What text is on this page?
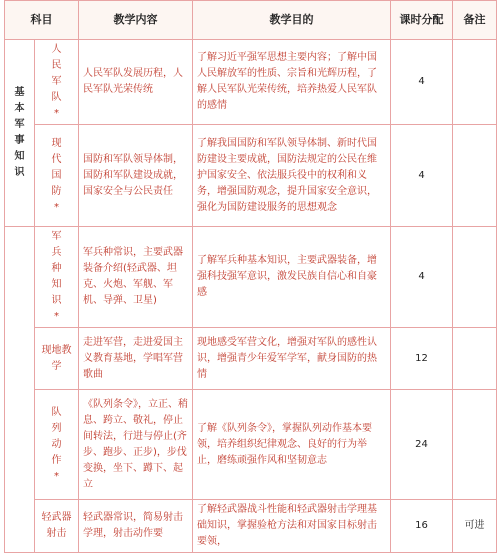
科目		教学内容	教学目的	课时分配	备注
基本军事知识	人民军队*	人民军队发展历程，人民军队光荣传统	了解习近平强军思想主要内容；了解中国人民解放军的性质、宗旨和光辉历程，了解人民军队光荣传统，培养热爱人民军队的感情	4	
	现代国防*	国防和军队领导体制，国防和军队建设成就，国家安全与公民责任	了解我国国防和军队领导体制、新时代国防建设主要成就，国防法规定的公民在维护国家安全、依法服兵役中的权利和义务，增强国防观念，提升国家安全意识，强化为国防建设服务的思想观念	4	
	军兵种知识*	军兵种常识，主要武器装备介绍(轻武器、坦克、火炮、军舰、军机、导弹、卫星)	了解军兵种基本知识，主要武器装备，增强科技强军意识，激发民族自信心和自豪感	4	
	现地教学	走进军营，走进爱国主义教育基地，学唱军营歌曲	现地感受军营文化，增强对军队的感性认识，增强青少年爱军学军，献身国防的热情	12	
	队列动作*	《队列条令》，立正、稍息、跨立、敬礼，停止间转法，行进与停止(齐步、跑步、正步)，步伐变换，坐下、蹲下、起立	了解《队列条令》，掌握队列动作基本要领，培养组织纪律观念、良好的行为举止，磨练顽强作风和坚韧意志	24	
	轻武器射击	轻武器常识，简易射击学理，射击动作要	了解轻武器战斗性能和轻武器射击学理基础知识，掌握验枪方法和对国家目标射击要领，	16	可进
